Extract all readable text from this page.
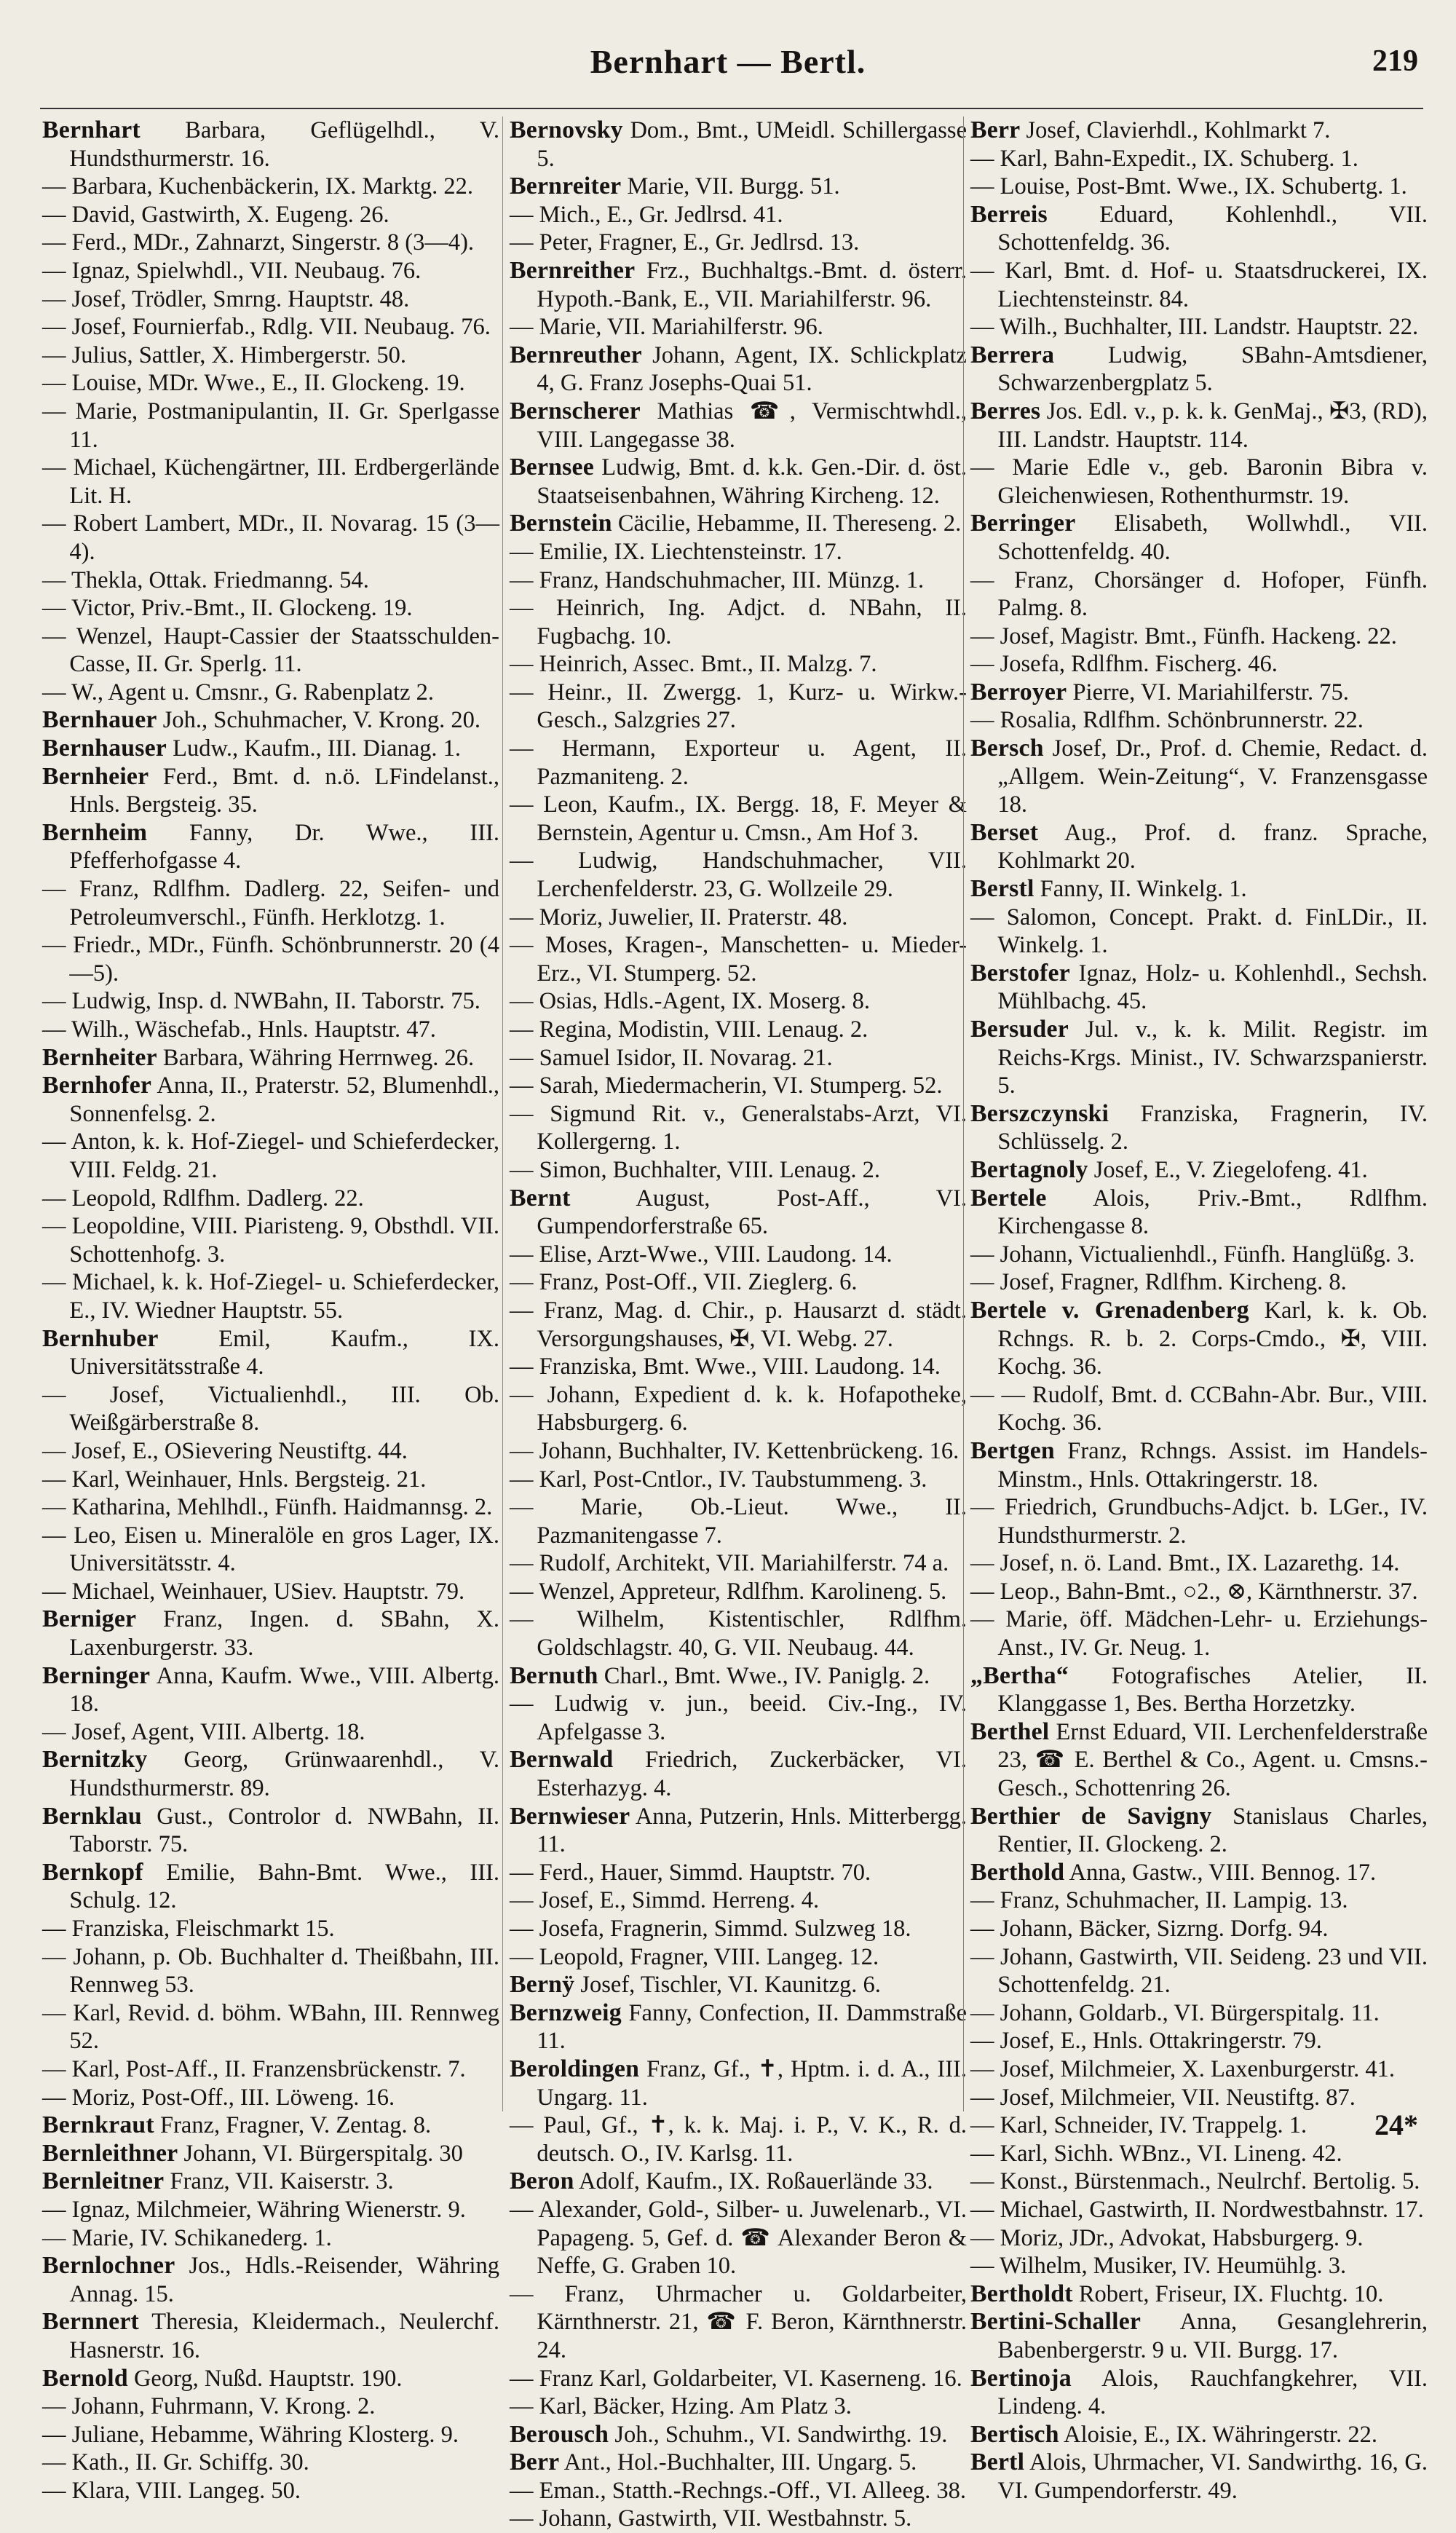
Bernhart — Bertl.	219
Bernhart Barbara, Geflügelhdl., V. Hundsthurmerstr. 16.
— Barbara, Kuchenbäckerin, IX. Marktg. 22.
— David, Gastwirth, X. Eugeng. 26.
— Ferd., MDr., Zahnarzt, Singerstr. 8 (3—4).
— Ignaz, Spielwhdl., VII. Neubaug. 76.
— Josef, Trödler, Smrng. Hauptstr. 48.
— Josef, Fournierfab., Rdlg. VII. Neubaug. 76.
— Julius, Sattler, X. Himbergerstr. 50.
— Louise, MDr. Wwe., E., II. Glockeng. 19.
— Marie, Postmanipulantin, II. Gr. Sperlgasse 11.
— Michael, Küchengärtner, III. Erdbergerlände Lit. H.
— Robert Lambert, MDr., II. Novarag. 15 (3—4).
— Thekla, Ottak. Friedmanng. 54.
— Victor, Priv.-Bmt., II. Glockeng. 19.
— Wenzel, Haupt-Cassier der Staatsschulden-Casse, II. Gr. Sperlg. 11.
— W., Agent u. Cmsnr., G. Rabenplatz 2.
Bernhauer Joh., Schuhmacher, V. Krong. 20.
Bernhauser Ludw., Kaufm., III. Dianag. 1.
Bernheier Ferd., Bmt. d. n.ö. LFindelanst., Hnls. Bergsteig. 35.
Bernheim Fanny, Dr. Wwe., III. Pfefferhofgasse 4.
— Franz, Rdlfhm. Dadlerg. 22, Seifen- und Petroleumverschl., Fünfh. Herklotzg. 1.
— Friedr., MDr., Fünfh. Schönbrunnerstr. 20 (4—5).
— Ludwig, Insp. d. NWBahn, II. Taborstr. 75.
— Wilh., Wäschefab., Hnls. Hauptstr. 47.
Bernheiter Barbara, Währing Herrnweg. 26.
Bernhofer Anna, II., Praterstr. 52, Blumenhdl., Sonnenfelsg. 2.
— Anton, k. k. Hof-Ziegel- und Schieferdecker, VIII. Feldg. 21.
— Leopold, Rdlfhm. Dadlerg. 22.
— Leopoldine, VIII. Piaristeng. 9, Obsthdl. VII. Schottenhofg. 3.
— Michael, k. k. Hof-Ziegel- u. Schieferdecker, E., IV. Wiedner Hauptstr. 55.
Bernhuber	Emil, Kaufm., IX. Universitätsstraße 4.
— Josef, Victualienhdl., III. Ob. Weißgärberstraße 8.
— Josef, E., OSievering Neustiftg. 44.
— Karl, Weinhauer, Hnls. Bergsteig. 21.
— Katharina, Mehlhdl., Fünfh. Haidmannsg. 2.
— Leo, Eisen u. Mineralöle en gros Lager, IX. Universitätsstr. 4.
— Michael, Weinhauer, USiev. Hauptstr. 79.
Berniger Franz, Ingen. d. SBahn, X. Laxenburgerstr. 33.
Berninger Anna, Kaufm. Wwe., VIII. Albertg. 18.
— Josef, Agent, VIII. Albertg. 18.
Bernitzky Georg, Grünwaarenhdl., V. Hundsthurmerstr. 89.
Bernklau Gust., Controlor d. NWBahn, II. Taborstr. 75.
Bernkopf Emilie, Bahn-Bmt. Wwe., III. Schulg. 12.
— Franziska, Fleischmarkt 15.
— Johann, p. Ob. Buchhalter d. Theißbahn, III. Rennweg 53.
— Karl, Revid. d. böhm. WBahn, III. Rennweg 52.
— Karl, Post-Aff., II. Franzensbrückenstr. 7.
— Moriz, Post-Off., III. Löweng. 16.
Bernkraut Franz, Fragner, V. Zentag. 8.
Bernleithner Johann, VI. Bürgerspitalg. 30
Bernleitner Franz, VII. Kaiserstr. 3.
— Ignaz, Milchmeier, Währing Wienerstr. 9.
— Marie, IV. Schikanederg. 1.
Bernlochner Jos., Hdls.-Reisender, Währing Annag. 15.
Bernnert Theresia, Kleidermach., Neulerchf. Hasnerstr. 16.
Bernold Georg, Nußd. Hauptstr. 190.
— Johann, Fuhrmann, V. Krong. 2.
— Juliane, Hebamme, Währing Klosterg. 9.
— Kath., II. Gr. Schiffg. 30.
— Klara, VIII. Langeg. 50.
Bernovsky Dom., Bmt., UMeidl. Schillergasse 5.
Bernreiter Marie, VII. Burgg. 51.
— Mich., E., Gr. Jedlrsd. 41.
— Peter, Fragner, E., Gr. Jedlrsd. 13.
Bernreither Frz., Buchhaltgs.-Bmt. d. österr. Hypoth.-Bank, E., VII. Mariahilferstr. 96.
— Marie, VII. Mariahilferstr. 96.
Bernreuther Johann, Agent, IX. Schlickplatz 4, G. Franz Josephs-Quai 51.
Bernscherer Mathias ☎, Vermischtwhdl., VIII. Langegasse 38.
Bernsee Ludwig, Bmt. d. k.k. Gen.-Dir. d. öst. Staatseisenbahnen, Währing Kircheng. 12.
Bernstein Cäcilie, Hebamme, II. Thereseng. 2.
— Emilie, IX. Liechtensteinstr. 17.
— Franz, Handschuhmacher, III. Münzg. 1.
— Heinrich, Ing. Adjct. d. NBahn, II. Fugbachg. 10.
— Heinrich, Assec. Bmt., II. Malzg. 7.
— Heinr., II. Zwergg. 1, Kurz- u. Wirkw.-Gesch., Salzgries 27.
— Hermann, Exporteur u. Agent, II. Pazmaniteng. 2.
— Leon, Kaufm., IX. Bergg. 18, F. Meyer & Bernstein, Agentur u. Cmsn., Am Hof 3.
— Ludwig, Handschuhmacher, VII. Lerchenfelderstr. 23, G. Wollzeile 29.
— Moriz, Juwelier, II. Praterstr. 48.
— Moses, Kragen-, Manschetten- u. Mieder-Erz., VI. Stumperg. 52.
— Osias, Hdls.-Agent, IX. Moserg. 8.
— Regina, Modistin, VIII. Lenaug. 2.
— Samuel Isidor, II. Novarag. 21.
— Sarah, Miedermacherin, VI. Stumperg. 52.
— Sigmund Rit. v., Generalstabs-Arzt, VI. Kollergerng. 1.
— Simon, Buchhalter, VIII. Lenaug. 2.
Bernt	August, Post-Aff., VI. Gumpendorferstraße 65.
— Elise, Arzt-Wwe., VIII. Laudong. 14.
— Franz, Post-Off., VII. Zieglerg. 6.
— Franz, Mag. d. Chir., p. Hausarzt d. städt. Versorgungshauses, ✠, VI. Webg. 27.
— Franziska, Bmt. Wwe., VIII. Laudong. 14.
— Johann, Expedient d. k. k. Hofapotheke, Habsburgerg. 6.
— Johann, Buchhalter, IV. Kettenbrückeng. 16.
— Karl, Post-Cntlor., IV. Taubstummeng. 3.
— Marie, Ob.-Lieut. Wwe., II. Pazmanitengasse 7.
— Rudolf, Architekt, VII. Mariahilferstr. 74 a.
— Wenzel, Appreteur, Rdlfhm. Karolineng. 5.
— Wilhelm, Kistentischler, Rdlfhm. Goldschlagstr. 40, G. VII. Neubaug. 44.
Bernuth Charl., Bmt. Wwe., IV. Paniglg. 2.
— Ludwig v. jun., beeid. Civ.-Ing., IV. Apfelgasse 3.
Bernwald Friedrich, Zuckerbäcker, VI. Esterhazyg. 4.
Bernwieser Anna, Putzerin, Hnls. Mitterbergg. 11.
— Ferd., Hauer, Simmd. Hauptstr. 70.
— Josef, E., Simmd. Herreng. 4.
— Josefa, Fragnerin, Simmd. Sulzweg 18.
— Leopold, Fragner, VIII. Langeg. 12.
Bernÿ Josef, Tischler, VI. Kaunitzg. 6.
Bernzweig Fanny, Confection, II. Dammstraße 11.
Beroldingen Franz, Gf., ✝, Hptm. i. d. A., III. Ungarg. 11.
— Paul, Gf., ✝, k. k. Maj. i. P., V. K., R. d. deutsch. O., IV. Karlsg. 11.
Beron Adolf, Kaufm., IX. Roßauerlände 33.
— Alexander, Gold-, Silber- u. Juwelenarb., VI. Papageng. 5, Gef. d. ☎ Alexander Beron & Neffe, G. Graben 10.
— Franz, Uhrmacher u. Goldarbeiter, Kärnthnerstr. 21, ☎ F. Beron, Kärnthnerstr. 24.
— Franz Karl, Goldarbeiter, VI. Kaserneng. 16.
— Karl, Bäcker, Hzing. Am Platz 3.
Berousch Joh., Schuhm., VI. Sandwirthg. 19.
Berr Ant., Hol.-Buchhalter, III. Ungarg. 5.
— Eman., Statth.-Rechngs.-Off., VI. Alleeg. 38.
— Johann, Gastwirth, VII. Westbahnstr. 5.
Berr Josef, Clavierhdl., Kohlmarkt 7.
— Karl, Bahn-Expedit., IX. Schuberg. 1.
— Louise, Post-Bmt. Wwe., IX. Schubertg. 1.
Berreis Eduard, Kohlenhdl., VII. Schottenfeldg. 36.
— Karl, Bmt. d. Hof- u. Staatsdruckerei, IX. Liechtensteinstr. 84.
— Wilh., Buchhalter, III. Landstr. Hauptstr. 22.
Berrera Ludwig, SBahn-Amtsdiener, Schwarzenbergplatz 5.
Berres Jos. Edl. v., p. k. k. GenMaj., ✠3, (RD), III. Landstr. Hauptstr. 114.
— Marie Edle v., geb. Baronin Bibra v. Gleichenwiesen, Rothenthurmstr. 19.
Berringer Elisabeth, Wollwhdl., VII. Schottenfeldg. 40.
— Franz, Chorsänger d. Hofoper, Fünfh. Palmg. 8.
— Josef, Magistr. Bmt., Fünfh. Hackeng. 22.
— Josefa, Rdlfhm. Fischerg. 46.
Berroyer Pierre, VI. Mariahilferstr. 75.
— Rosalia, Rdlfhm. Schönbrunnerstr. 22.
Bersch Josef, Dr., Prof. d. Chemie, Redact. d. „Allgem. Wein-Zeitung“, V. Franzensgasse 18.
Berset Aug., Prof. d. franz. Sprache, Kohlmarkt 20.
Berstl Fanny, II. Winkelg. 1.
— Salomon, Concept. Prakt. d. FinLDir., II. Winkelg. 1.
Berstofer Ignaz, Holz- u. Kohlenhdl., Sechsh. Mühlbachg. 45.
Bersuder Jul. v., k. k. Milit. Registr. im Reichs-Krgs. Minist., IV. Schwarzspanierstr. 5.
Berszczynski Franziska, Fragnerin, IV. Schlüsselg. 2.
Bertagnoly Josef, E., V. Ziegelofeng. 41.
Bertele Alois, Priv.-Bmt., Rdlfhm. Kirchengasse 8.
— Johann, Victualienhdl., Fünfh. Hanglüßg. 3.
— Josef, Fragner, Rdlfhm. Kircheng. 8.
Bertele v. Grenadenberg Karl, k. k. Ob. Rchngs. R. b. 2. Corps-Cmdo., ✠, VIII. Kochg. 36.
— — Rudolf, Bmt. d. CCBahn-Abr. Bur., VIII. Kochg. 36.
Bertgen Franz, Rchngs. Assist. im Handels-Minstm., Hnls. Ottakringerstr. 18.
— Friedrich, Grundbuchs-Adjct. b. LGer., IV. Hundsthurmerstr. 2.
— Josef, n. ö. Land. Bmt., IX. Lazarethg. 14.
— Leop., Bahn-Bmt., ○2., ⊗, Kärnthnerstr. 37.
— Marie, öff. Mädchen-Lehr- u. Erziehungs-Anst., IV. Gr. Neug. 1.
„Bertha“ Fotografisches Atelier, II. Klanggasse 1, Bes. Bertha Horzetzky.
Berthel Ernst Eduard, VII. Lerchenfelderstraße 23, ☎ E. Berthel & Co., Agent. u. Cmsns.-Gesch., Schottenring 26.
Berthier de Savigny Stanislaus Charles, Rentier, II. Glockeng. 2.
Berthold Anna, Gastw., VIII. Bennog. 17.
— Franz, Schuhmacher, II. Lampig. 13.
— Johann, Bäcker, Sizrng. Dorfg. 94.
— Johann, Gastwirth, VII. Seideng. 23 und VII. Schottenfeldg. 21.
— Johann, Goldarb., VI. Bürgerspitalg. 11.
— Josef, E., Hnls. Ottakringerstr. 79.
— Josef, Milchmeier, X. Laxenburgerstr. 41.
— Josef, Milchmeier, VII. Neustiftg. 87.
— Karl, Schneider, IV. Trappelg. 1.
— Karl, Sichh. WBnz., VI. Lineng. 42.
— Konst., Bürstenmach., Neulrchf. Bertolig. 5.
— Michael, Gastwirth, II. Nordwestbahnstr. 17.
— Moriz, JDr., Advokat, Habsburgerg. 9.
— Wilhelm, Musiker, IV. Heumühlg. 3.
Bertholdt Robert, Friseur, IX. Fluchtg. 10.
Bertini-Schaller Anna, Gesanglehrerin, Babenbergerstr. 9 u. VII. Burgg. 17.
Bertinoja Alois, Rauchfangkehrer, VII. Lindeng. 4.
Bertisch Aloisie, E., IX. Währingerstr. 22.
Bertl Alois, Uhrmacher, VI. Sandwirthg. 16, G. VI. Gumpendorferstr. 49.
24*
